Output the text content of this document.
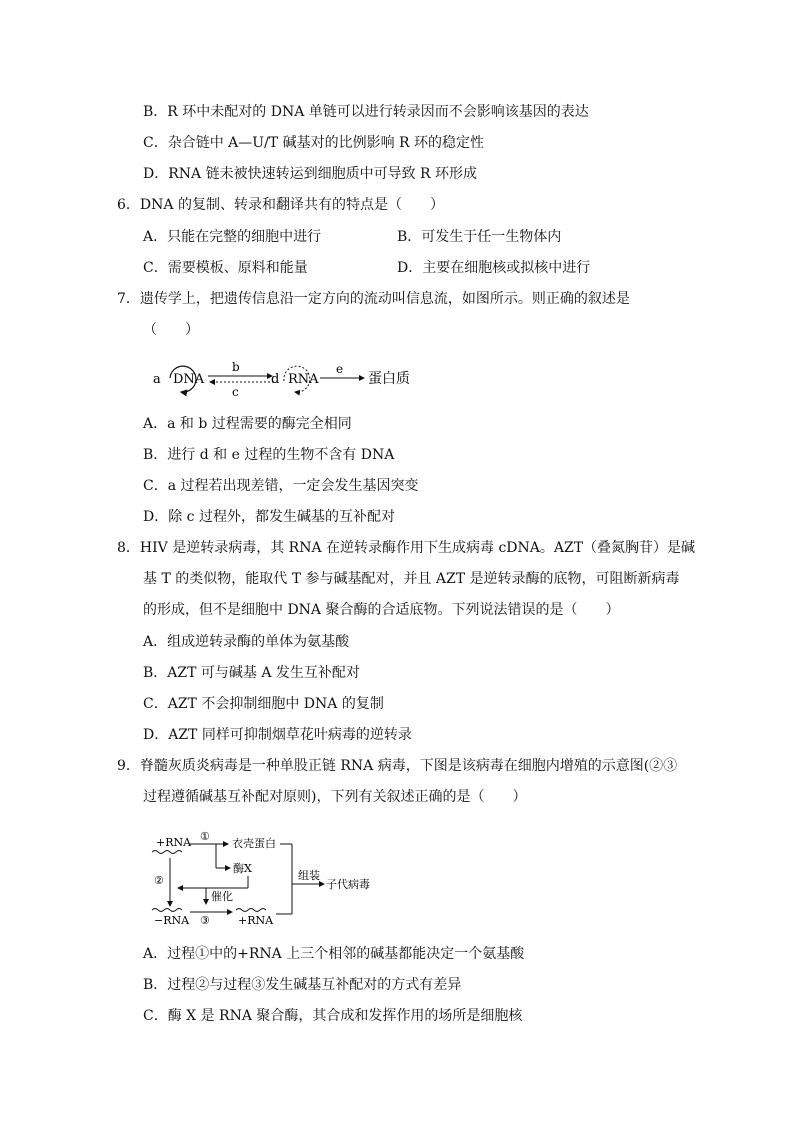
B．R 环中未配对的 DNA 单链可以进行转录因而不会影响该基因的表达
C．杂合链中 A—U/T 碱基对的比例影响 R 环的稳定性
D．RNA 链未被快速转运到细胞质中可导致 R 环形成
6．DNA 的复制、转录和翻译共有的特点是（　　）
A．只能在完整的细胞中进行	B．可发生于任一生物体内
C．需要模板、原料和能量	D．主要在细胞核或拟核中进行
7．遗传学上，把遗传信息沿一定方向的流动叫信息流，如图所示。则正确的叙述是
（　　）
a DNA
b
c
d RNA
e
蛋白质
A．a 和 b 过程需要的酶完全相同
B．进行 d 和 e 过程的生物不含有 DNA
C．a 过程若出现差错，一定会发生基因突变
D．除 c 过程外，都发生碱基的互补配对
8．HIV 是逆转录病毒，其 RNA 在逆转录酶作用下生成病毒 cDNA。AZT（叠氮胸苷）是碱
基 T 的类似物，能取代 T 参与碱基配对，并且 AZT 是逆转录酶的底物，可阻断新病毒
的形成，但不是细胞中 DNA 聚合酶的合适底物。下列说法错误的是（　　）
A．组成逆转录酶的单体为氨基酸
B．AZT 可与碱基 A 发生互补配对
C．AZT 不会抑制细胞中 DNA 的复制
D．AZT 同样可抑制烟草花叶病毒的逆转录
9．脊髓灰质炎病毒是一种单股正链 RNA 病毒，下图是该病毒在细胞内增殖的示意图(②③
过程遵循碱基互补配对原则)，下列有关叙述正确的是（　　）
+RNA ①
衣壳蛋白
酶X
②
催化
−RNA ③	+RNA
组装
子代病毒
A．过程①中的+RNA 上三个相邻的碱基都能决定一个氨基酸
B．过程②与过程③发生碱基互补配对的方式有差异
C．酶 X 是 RNA 聚合酶，其合成和发挥作用的场所是细胞核
